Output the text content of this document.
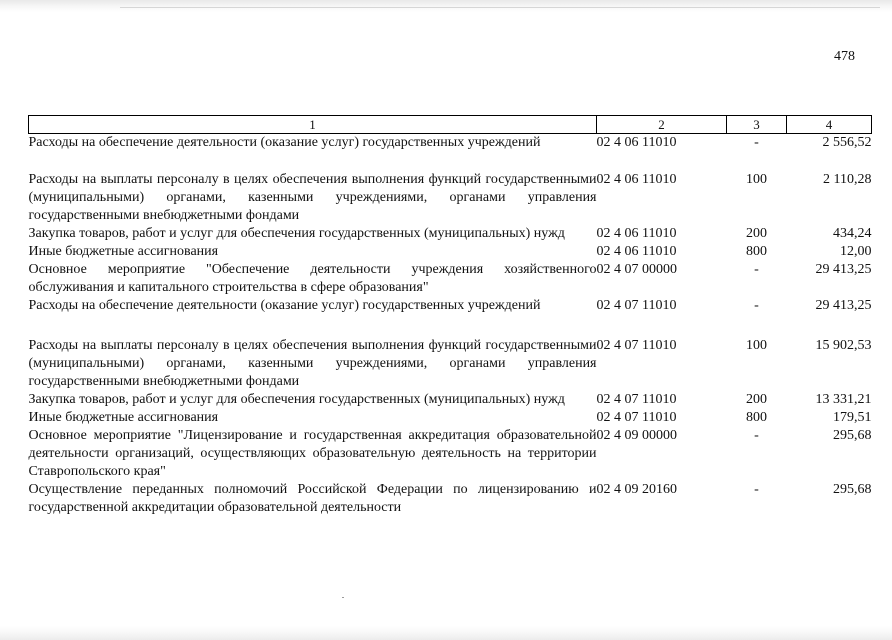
478
1	2	3	4
Расходы на обеспечение деятельности (оказание услуг) государственных учреждений	02 4 06 11010	-	2 556,52
Расходы на выплаты персоналу в целях обеспечения выполнения функций государственными (муниципальными) органами, казенными учреждениями, органами управления государственными внебюджетными фондами	02 4 06 11010	100	2 110,28
Закупка товаров, работ и услуг для обеспечения государственных (муниципальных) нужд	02 4 06 11010	200	434,24
Иные бюджетные ассигнования	02 4 06 11010	800	12,00
Основное мероприятие "Обеспечение деятельности учреждения хозяйственного обслуживания и капитального строительства в сфере образования"	02 4 07 00000	-	29 413,25
Расходы на обеспечение деятельности (оказание услуг) государственных учреждений	02 4 07 11010	-	29 413,25
Расходы на выплаты персоналу в целях обеспечения выполнения функций государственными (муниципальными) органами, казенными учреждениями, органами управления государственными внебюджетными фондами	02 4 07 11010	100	15 902,53
Закупка товаров, работ и услуг для обеспечения государственных (муниципальных) нужд	02 4 07 11010	200	13 331,21
Иные бюджетные ассигнования	02 4 07 11010	800	179,51
Основное мероприятие "Лицензирование и государственная аккредитация образовательной деятельности организаций, осуществляющих образовательную деятельность на территории Ставропольского края"	02 4 09 00000	-	295,68
Осуществление переданных полномочий Российской Федерации по лицензированию и государственной аккредитации образовательной деятельности	02 4 09 20160	-	295,68
